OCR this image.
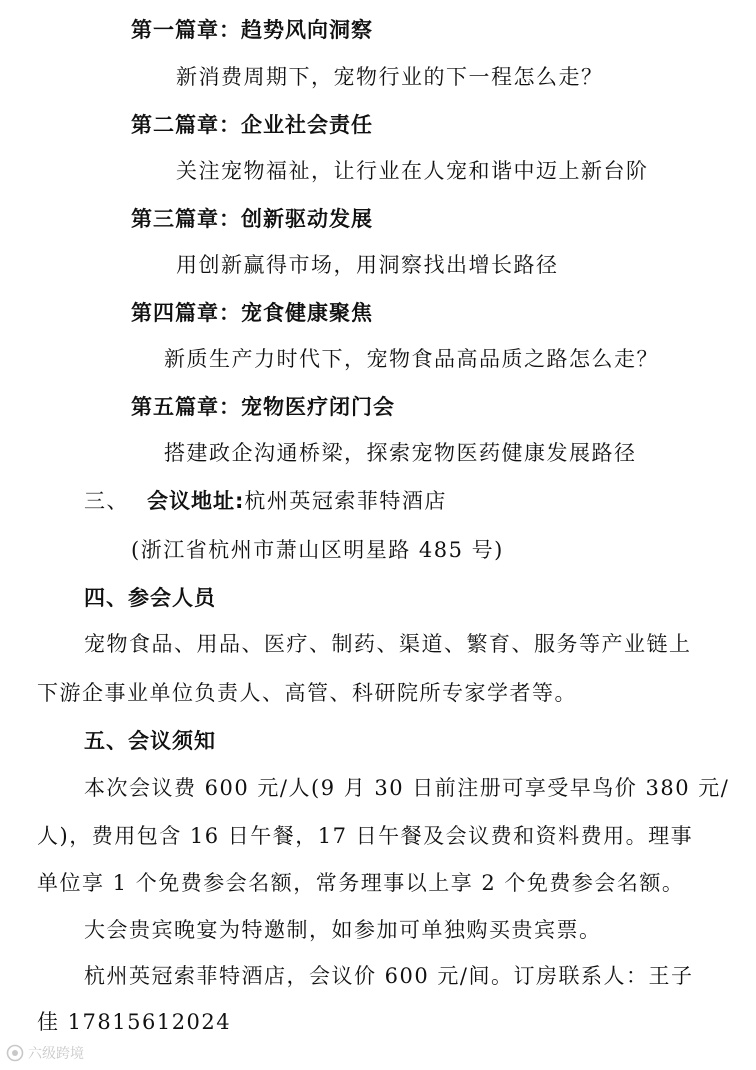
第一篇章：趋势风向洞察
新消费周期下，宠物行业的下一程怎么走？
第二篇章：企业社会责任
关注宠物福祉，让行业在人宠和谐中迈上新台阶
第三篇章：创新驱动发展
用创新赢得市场，用洞察找出增长路径
第四篇章：宠食健康聚焦
新质生产力时代下，宠物食品高品质之路怎么走？
第五篇章：宠物医疗闭门会
搭建政企沟通桥梁，探索宠物医药健康发展路径
三、 会议地址:杭州英冠索菲特酒店
(浙江省杭州市萧山区明星路 485 号)
四、参会人员
宠物食品、用品、医疗、制药、渠道、繁育、服务等产业链上
下游企事业单位负责人、高管、科研院所专家学者等。
五、会议须知
本次会议费 600 元/人(9 月 30 日前注册可享受早鸟价 380 元/
人)，费用包含 16 日午餐，17 日午餐及会议费和资料费用。理事
单位享 1 个免费参会名额，常务理事以上享 2 个免费参会名额。
大会贵宾晚宴为特邀制，如参加可单独购买贵宾票。
杭州英冠索菲特酒店，会议价 600 元/间。订房联系人：王子
佳 17815612024
六级跨境
